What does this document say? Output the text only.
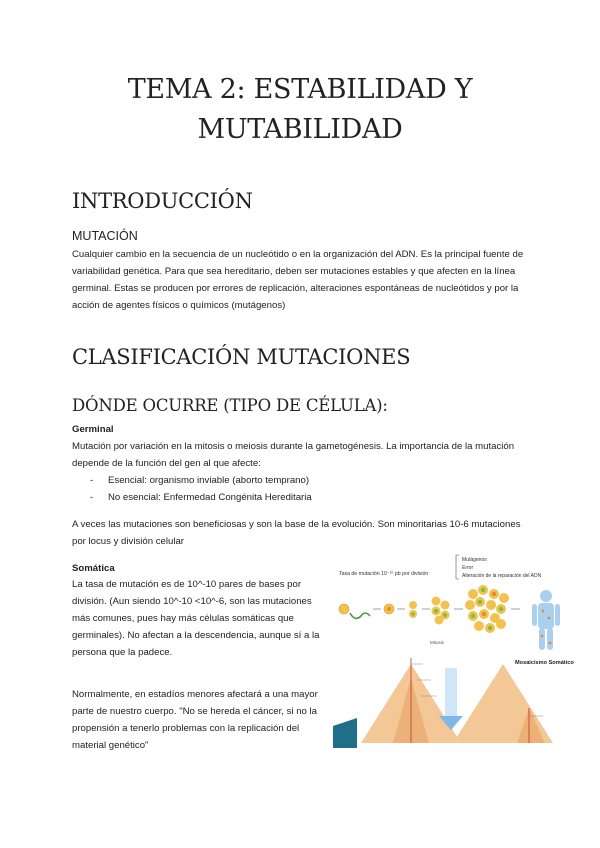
TEMA 2: ESTABILIDAD Y
MUTABILIDAD
INTRODUCCIÓN
MUTACIÓN
Cualquier cambio en la secuencia de un nucleótido o en la organización del ADN. Es la principal fuente de variabilidad genética. Para que sea hereditario, deben ser mutaciones estables y que afecten en la línea germinal. Estas se producen por errores de replicación, alteraciones espontáneas de nucleótidos y por la acción de agentes físicos o químicos (mutágenos)
CLASIFICACIÓN MUTACIONES
DÓNDE OCURRE (TIPO DE CÉLULA):
Germinal
Mutación por variación en la mitosis o meiosis durante la gametogénesis. La importancia de la mutación depende de la función del gen al que afecte:
- Esencial: organismo inviable (aborto temprano)
- No esencial: Enfermedad Congénita Hereditaria
A veces las mutaciones son beneficiosas y son la base de la evolución. Son minoritarias 10-6 mutaciones por locus y división celular
Somática
La tasa de mutación es de 10^-10 pares de bases por división. (Aun siendo 10^-10 <10^-6, son las mutaciones más comunes, pues hay más células somáticas que germinales). No afectan a la descendencia, aunque sí a la persona que la padece.
Normalmente, en estadíos menores afectará a una mayor parte de nuestro cuerpo. "No se hereda el cáncer, si no la propensión a tenerlo problemas con la replicación del material genético"
Tasa de mutación 10⁻¹⁰ pb por división
Mutágenos
Error
Alteración de la reparación del ADN
Mosaicismo Somático
Mitosis
